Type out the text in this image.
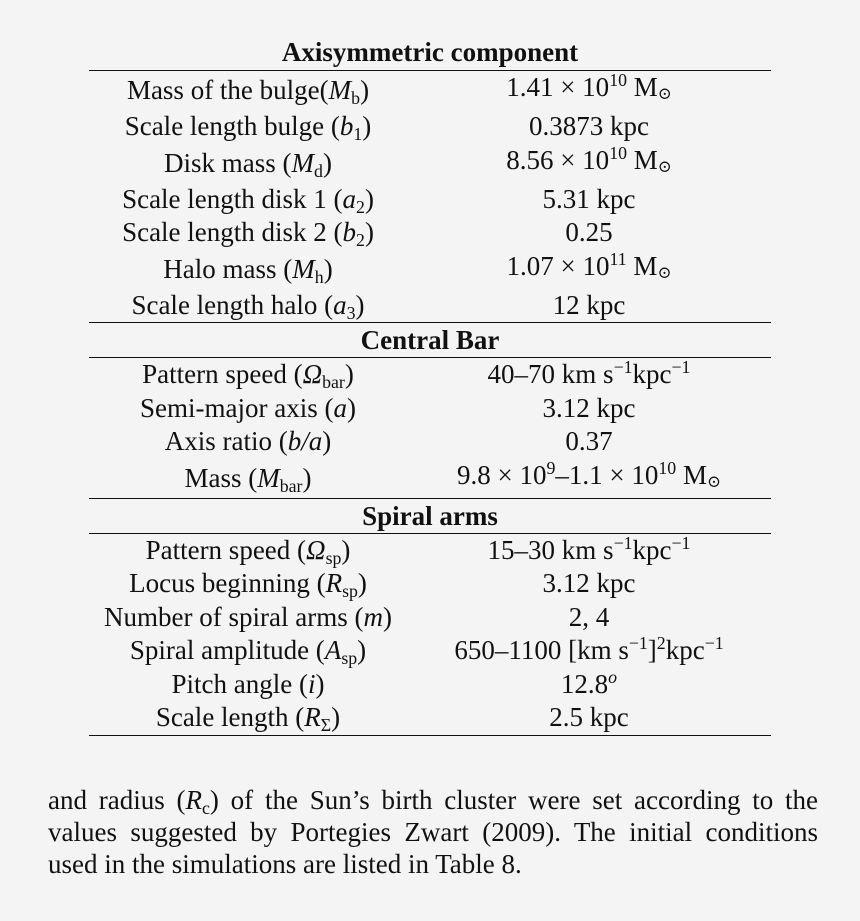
Axisymmetric component	
Mass of the $bulge(M_b)$	$1.41 \times 10^{10}$ M⊙
Scale length bulge $(b_1)$	0.3873 kpc
Disk mass $(M_d)$	$8.56 \times 10^{10}$ M⊙
Scale length disk 1 $(a_2)$	5.31 kpc
Scale length disk 2 $(b_2)$	0.25
Halo mass $(M_h)$	$1.07 \times 10^{11}$ M⊙
Scale length halo $(a_3)$	12 kpc
Central Bar	
Pattern speed $(\Omega_{bar})$	40–70 km $s^{-1}kpc^{-1}$
Semi-major axis (a)	3.12 kpc
Axis ratio (b/a)	0.37
Mass $(M_{bar})$	$9.8 \times 10^9-1.1 \times 10^{10}$ M⊙
Spiral arms	
Pattern speed $(\Omega_{sp})$	15–30 km $s^{-1}kpc^{-1}$
Locus beginning $(R_{sp})$	3.12 kpc
Number of spiral arms (m)	2, 4
Spiral amplitude $(A_{sp})$	650–1100 [km $s^{-1}]^2kpc^{-1}$
Pitch angle (i)	12.8$^o$
Scale length $(R_\Sigma)$	2.5 kpc

and radius $(R_c)$ of the Sun’s birth cluster were set according to the values suggested by Portegies Zwart (2009). The initial conditions used in the simulations are listed in Table 8.
